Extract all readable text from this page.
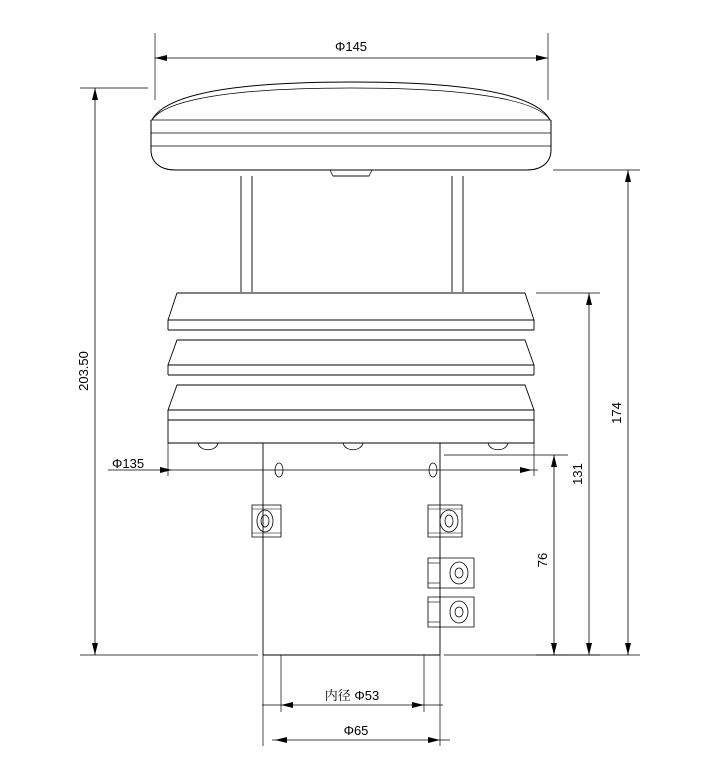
Φ145
203.50
174
131
76
Φ135
内径 Φ53
Φ65
